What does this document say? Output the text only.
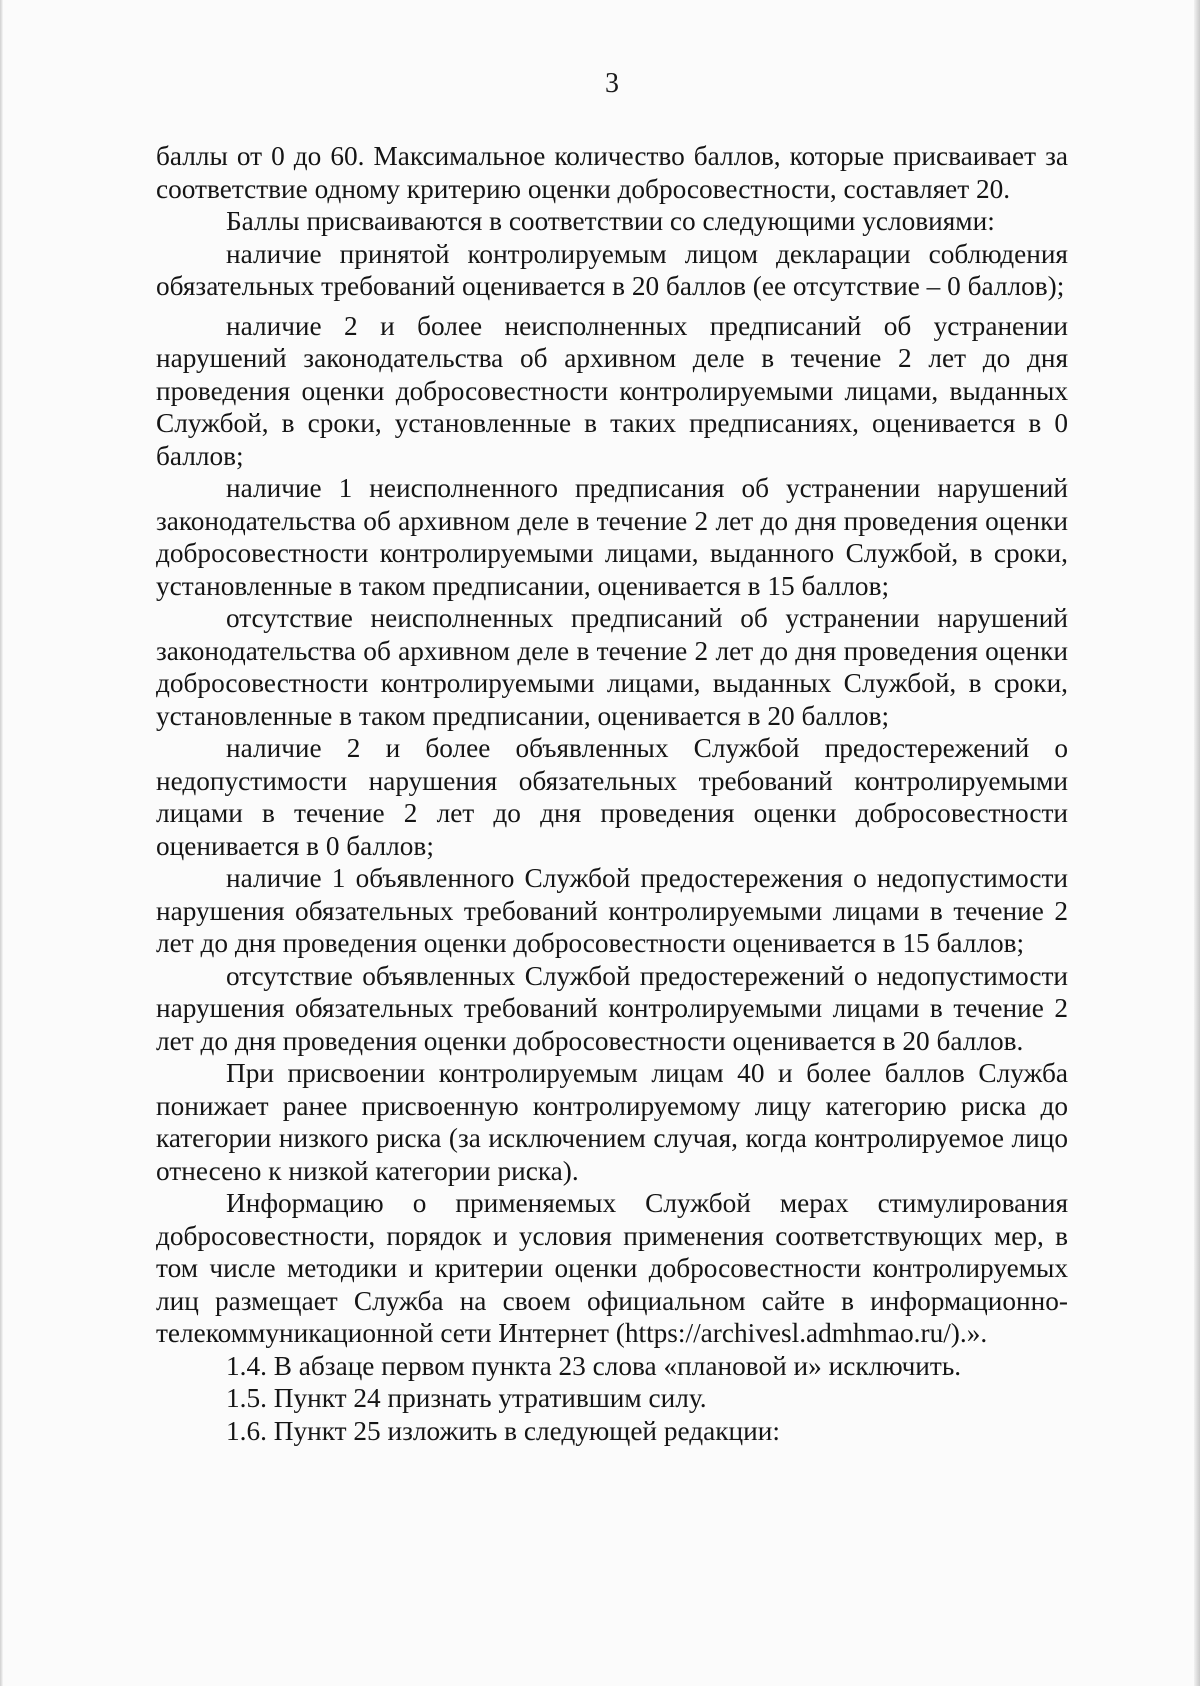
3

баллы от 0 до 60. Максимальное количество баллов, которые присваивает за соответствие одному критерию оценки добросовестности, составляет 20.

Баллы присваиваются в соответствии со следующими условиями:

наличие принятой контролируемым лицом декларации соблюдения обязательных требований оценивается в 20 баллов (ее отсутствие – 0 баллов);

наличие 2 и более неисполненных предписаний об устранении нарушений законодательства об архивном деле в течение 2 лет до дня проведения оценки добросовестности контролируемыми лицами, выданных Службой, в сроки, установленные в таких предписаниях, оценивается в 0 баллов;

наличие 1 неисполненного предписания об устранении нарушений законодательства об архивном деле в течение 2 лет до дня проведения оценки добросовестности контролируемыми лицами, выданного Службой, в сроки, установленные в таком предписании, оценивается в 15 баллов;

отсутствие неисполненных предписаний об устранении нарушений законодательства об архивном деле в течение 2 лет до дня проведения оценки добросовестности контролируемыми лицами, выданных Службой, в сроки, установленные в таком предписании, оценивается в 20 баллов;

наличие 2 и более объявленных Службой предостережений о недопустимости нарушения обязательных требований контролируемыми лицами в течение 2 лет до дня проведения оценки добросовестности оценивается в 0 баллов;

наличие 1 объявленного Службой предостережения о недопустимости нарушения обязательных требований контролируемыми лицами в течение 2 лет до дня проведения оценки добросовестности оценивается в 15 баллов;

отсутствие объявленных Службой предостережений о недопустимости нарушения обязательных требований контролируемыми лицами в течение 2 лет до дня проведения оценки добросовестности оценивается в 20 баллов.

При присвоении контролируемым лицам 40 и более баллов Служба понижает ранее присвоенную контролируемому лицу категорию риска до категории низкого риска (за исключением случая, когда контролируемое лицо отнесено к низкой категории риска).

Информацию о применяемых Службой мерах стимулирования добросовестности, порядок и условия применения соответствующих мер, в том числе методики и критерии оценки добросовестности контролируемых лиц размещает Служба на своем официальном сайте в информационно-телекоммуникационной сети Интернет (https://archivesl.admhmao.ru/).».

1.4. В абзаце первом пункта 23 слова «плановой и» исключить.

1.5. Пункт 24 признать утратившим силу.

1.6. Пункт 25 изложить в следующей редакции:
